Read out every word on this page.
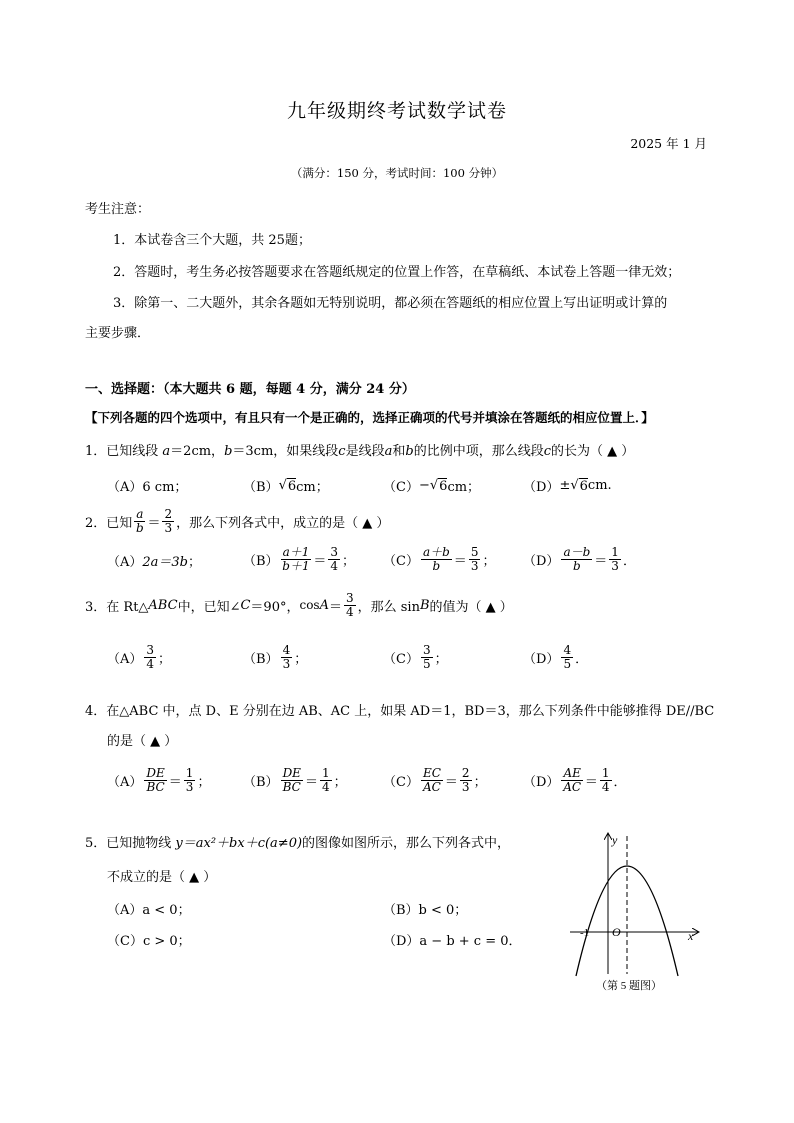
九年级期终考试数学试卷
2025 年 1 月
（满分：150 分，考试时间：100 分钟）
考生注意：
1．本试卷含三个大题，共 25题；
2．答题时，考生务必按答题要求在答题纸规定的位置上作答，在草稿纸、本试卷上答题一律无效；
3．除第一、二大题外，其余各题如无特别说明，都必须在答题纸的相应位置上写出证明或计算的
主要步骤．
一、选择题：（本大题共 6 题，每题 4 分，满分 24 分）
【下列各题的四个选项中，有且只有一个是正确的，选择正确项的代号并填涂在答题纸的相应位置上．】
1．已知线段 a＝2cm，b＝3cm，如果线段c是线段a和b的比例中项，那么线段c的长为（ ▲ ）
（A）6 cm；	（B） √ 6 cm；	（C） − √ 6 cm；	（D） ± √ 6 cm.
2．已知
a
b ＝
2
3 ，那么下列各式中，成立的是（ ▲ ）
（A） 2a＝3b ；	（B）
a＋1
b＋1 ＝
3
4 ； （C）
a＋b
b ＝
5
3 ； （D）
a－b
b ＝
1
3 ．
3．在 Rt△ ABC 中，已知∠ C ＝90°， cos A ＝
3
4 ，那么 sin B 的值为（ ▲ ）
（A）
3
4 ；	（B）
4
3 ；	（C）
3
5 ；	（D）
4
5 ．
4．在△ABC 中，点 D、E 分别在边 AB、AC 上，如果 AD＝1，BD＝3，那么下列条件中能够推得 DE//BC
的是（ ▲ ）
（A）
DE
BC ＝
1
3 ；	（B）
DE
BC ＝
1
4 ；	（C）
EC
AC ＝
2
3 ；	（D）
AE
AC ＝
1
4 ．
5．已知抛物线 y＝ax²＋bx＋c(a≠0)的图像如图所示，那么下列各式中，
不成立的是（ ▲ ）
（A）a < 0；	（B）b < 0；
（C）c > 0；	（D）a − b + c = 0．
y
x
-1 O
（第 5 题图）
